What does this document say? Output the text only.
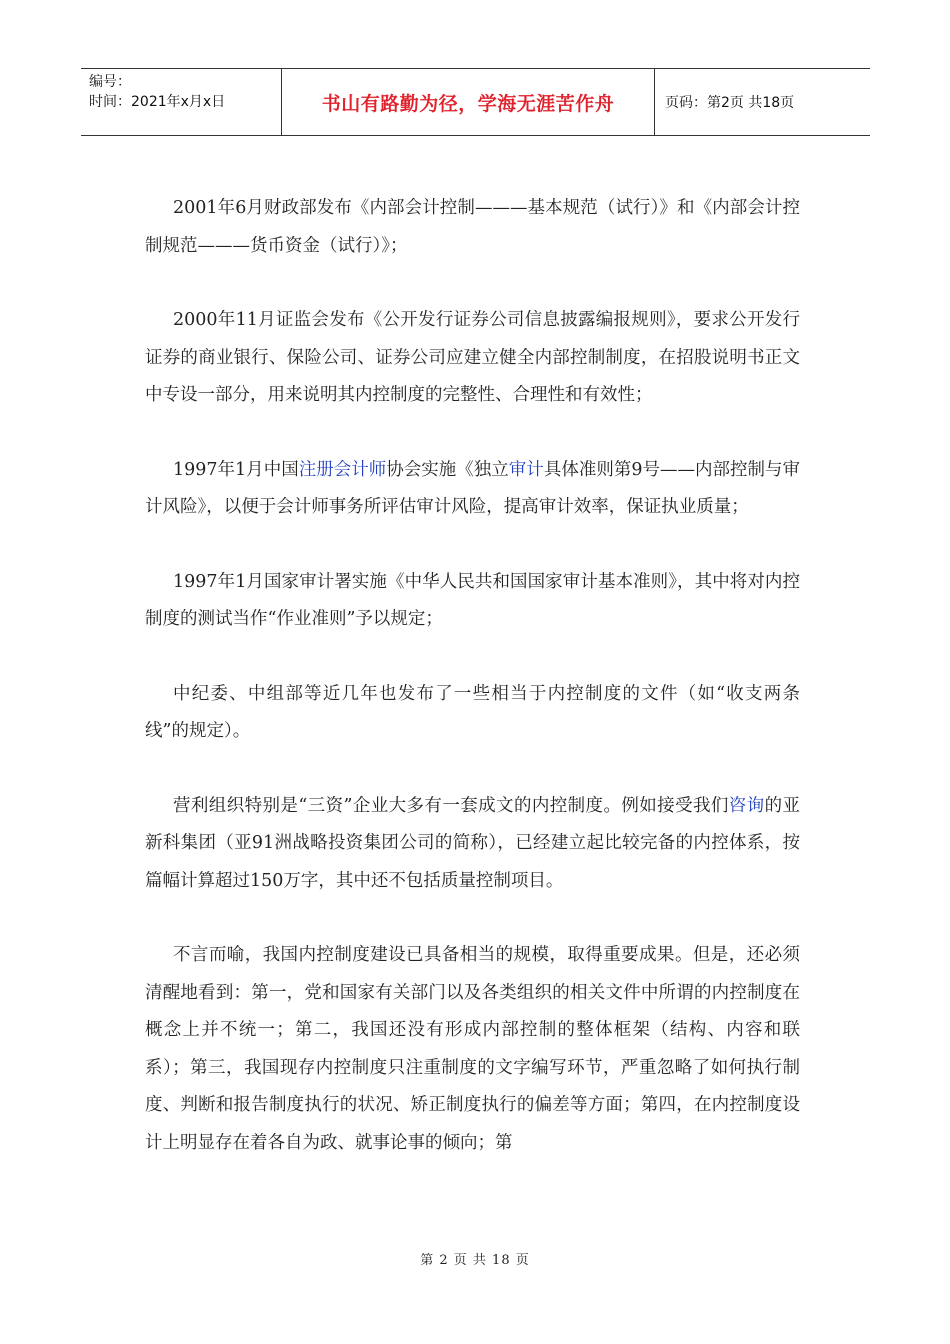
编号：
时间：2021年x月x日	书山有路勤为径，学海无涯苦作舟	页码：第2页 共18页

2001年6月财政部发布《内部会计控制———基本规范（试行）》和《内部会计控制规范———货币资金（试行）》；

2000年11月证监会发布《公开发行证券公司信息披露编报规则》，要求公开发行证券的商业银行、保险公司、证券公司应建立健全内部控制制度，在招股说明书正文中专设一部分，用来说明其内控制度的完整性、合理性和有效性；

1997年1月中国注册会计师协会实施《独立审计具体准则第9号——内部控制与审计风险》，以便于会计师事务所评估审计风险，提高审计效率，保证执业质量；

1997年1月国家审计署实施《中华人民共和国国家审计基本准则》，其中将对内控制度的测试当作“作业准则”予以规定；

中纪委、中组部等近几年也发布了一些相当于内控制度的文件（如“收支两条线”的规定）。

营利组织特别是“三资”企业大多有一套成文的内控制度。例如接受我们咨询的亚新科集团（亚91洲战略投资集团公司的简称），已经建立起比较完备的内控体系，按篇幅计算超过150万字，其中还不包括质量控制项目。

不言而喻，我国内控制度建设已具备相当的规模，取得重要成果。但是，还必须清醒地看到：第一，党和国家有关部门以及各类组织的相关文件中所谓的内控制度在概念上并不统一；第二，我国还没有形成内部控制的整体框架（结构、内容和联系）；第三，我国现存内控制度只注重制度的文字编写环节，严重忽略了如何执行制度、判断和报告制度执行的状况、矫正制度执行的偏差等方面；第四，在内控制度设计上明显存在着各自为政、就事论事的倾向；第

第 2 页 共 18 页
